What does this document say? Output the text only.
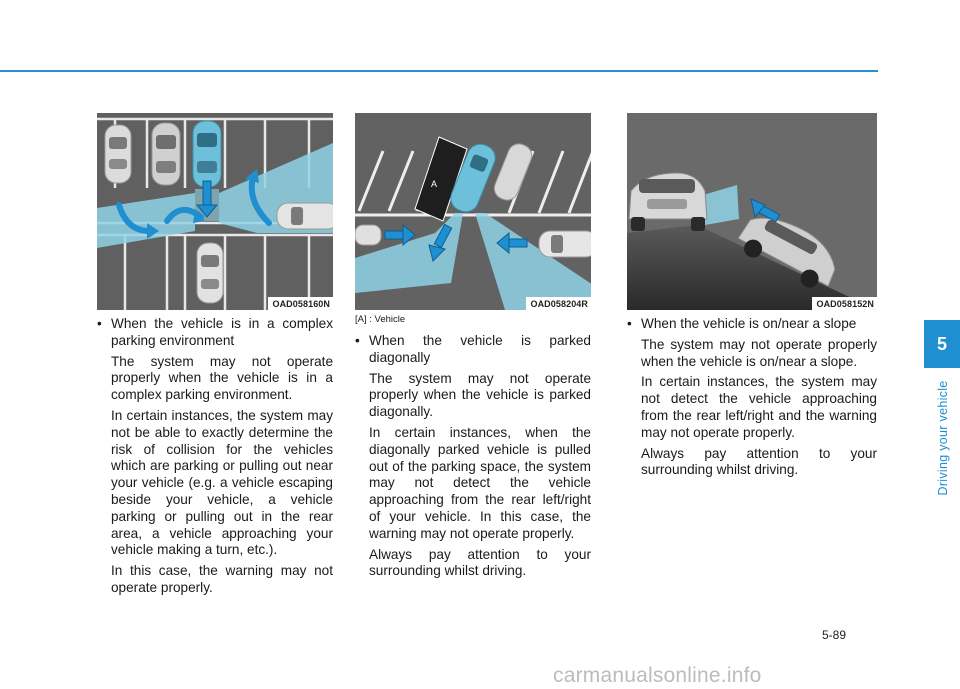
OAD058160N
A
OAD058204R	OAD058152N

• When the vehicle is in a complex parking environment

The system may not operate properly when the vehicle is in a complex parking environment.

In certain instances, the system may not be able to exactly determine the risk of collision for the vehicles which are parking or pulling out near your vehicle (e.g. a vehicle escaping beside your vehicle, a vehicle parking or pulling out in the rear area, a vehicle approaching your vehicle making a turn, etc.).

In this case, the warning may not operate properly.

[A] : Vehicle

• When the vehicle is parked diagonally

The system may not operate properly when the vehicle is parked diagonally.

In certain instances, when the diagonally parked vehicle is pulled out of the parking space, the system may not detect the vehicle approaching from the rear left/right of your vehicle. In this case, the warning may not operate properly.

Always pay attention to your surrounding whilst driving.

• When the vehicle is on/near a slope

The system may not operate properly when the vehicle is on/near a slope.

In certain instances, the system may not detect the vehicle approaching from the rear left/right and the warning may not operate properly.

Always pay attention to your surrounding whilst driving.

5
Driving your vehicle
5-89
carmanualsonline.info
